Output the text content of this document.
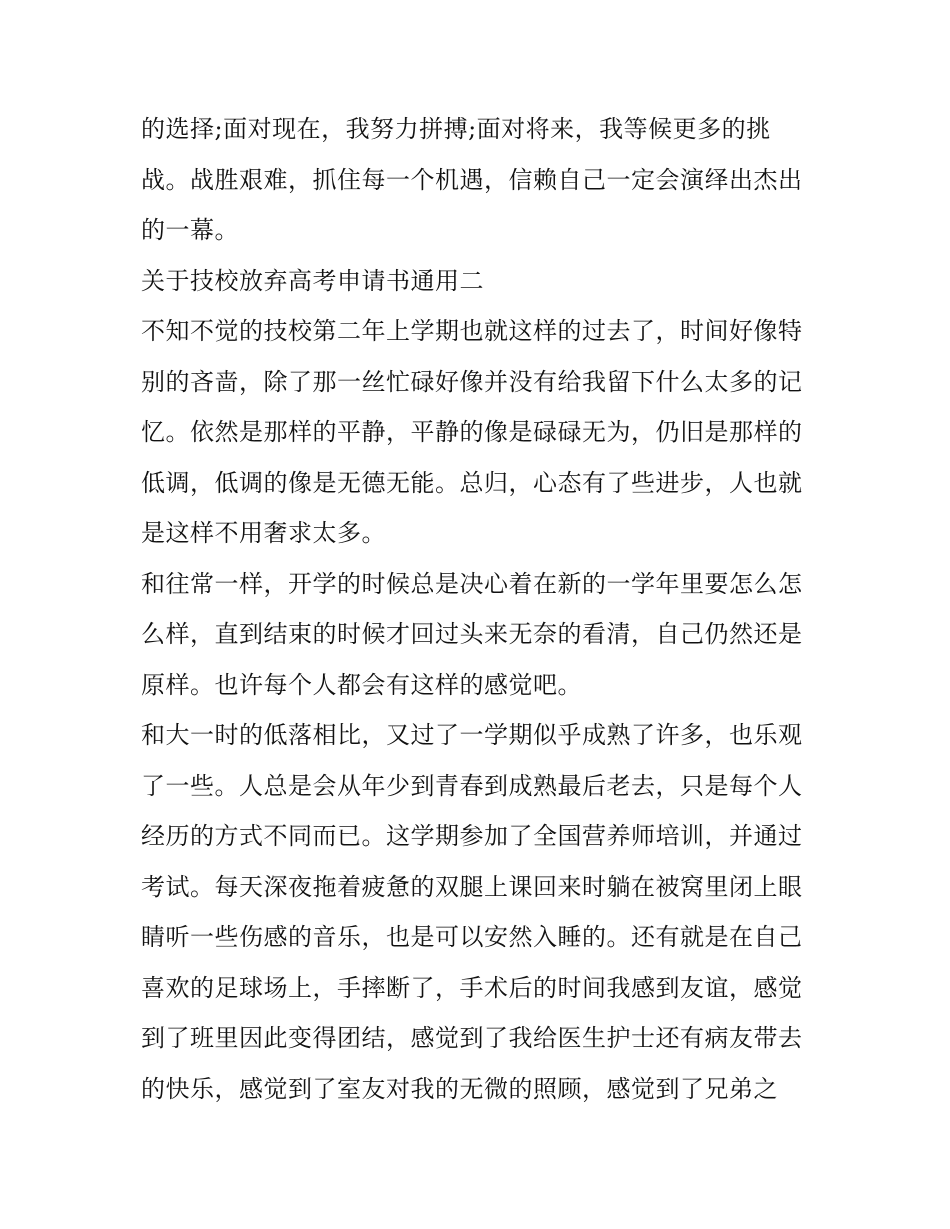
的选择;面对现在，我努力拼搏;面对将来，我等候更多的挑
战。战胜艰难，抓住每一个机遇，信赖自己一定会演绎出杰出
的一幕。
关于技校放弃高考申请书通用二
不知不觉的技校第二年上学期也就这样的过去了，时间好像特
别的吝啬，除了那一丝忙碌好像并没有给我留下什么太多的记
忆。依然是那样的平静，平静的像是碌碌无为，仍旧是那样的
低调，低调的像是无德无能。总归，心态有了些进步，人也就
是这样不用奢求太多。
和往常一样，开学的时候总是决心着在新的一学年里要怎么怎
么样，直到结束的时候才回过头来无奈的看清，自己仍然还是
原样。也许每个人都会有这样的感觉吧。
和大一时的低落相比，又过了一学期似乎成熟了许多，也乐观
了一些。人总是会从年少到青春到成熟最后老去，只是每个人
经历的方式不同而已。这学期参加了全国营养师培训，并通过
考试。每天深夜拖着疲惫的双腿上课回来时躺在被窝里闭上眼
睛听一些伤感的音乐，也是可以安然入睡的。还有就是在自己
喜欢的足球场上，手摔断了，手术后的时间我感到友谊，感觉
到了班里因此变得团结，感觉到了我给医生护士还有病友带去
的快乐，感觉到了室友对我的无微的照顾，感觉到了兄弟之
